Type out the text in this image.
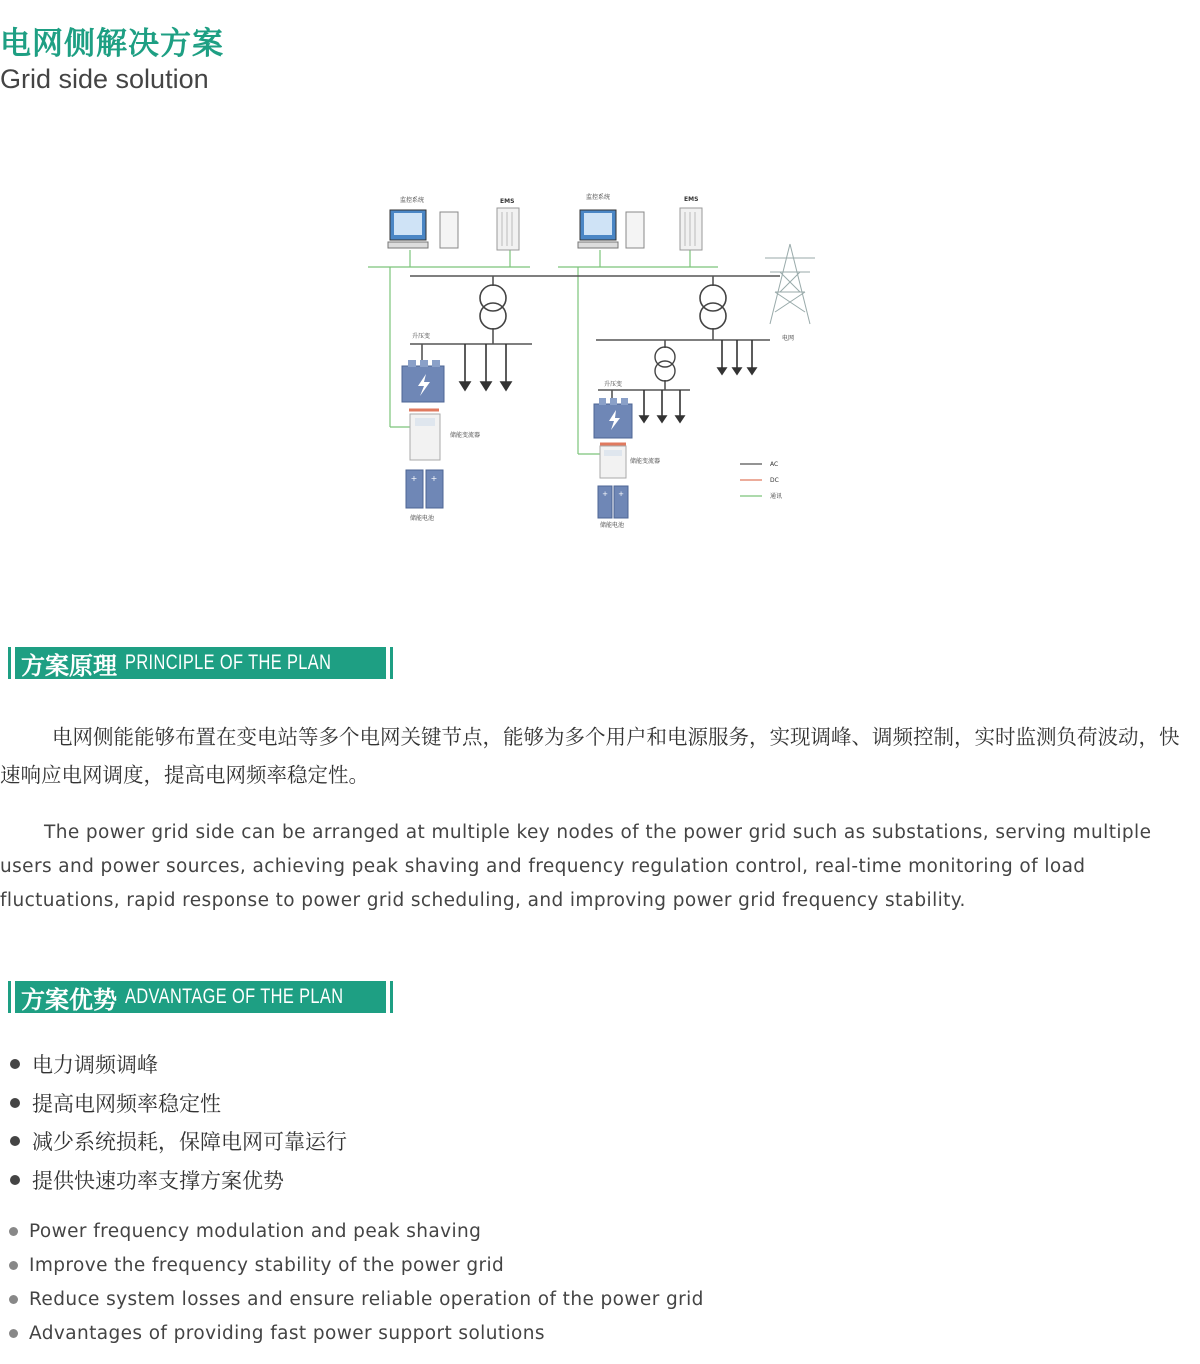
电网侧解决方案
Grid side solution
+ +
+ +
监控系统	EMS
监控系统	EMS
升压变
升压变
储能变流器
储能变流器
储能电池
储能电池
电网
AC
DC
通讯
方案原理 PRINCIPLE OF THE PLAN

电网侧能能够布置在变电站等多个电网关键节点，能够为多个用户和电源服务，实现调峰、调频控制，实时监测负荷波动，快速响应电网调度，提高电网频率稳定性。

The power grid side can be arranged at multiple key nodes of the power grid such as substations, serving multiple users and power sources, achieving peak shaving and frequency regulation control, real-time monitoring of load fluctuations, rapid response to power grid scheduling, and improving power grid frequency stability.

方案优势 ADVANTAGE OF THE PLAN
电力调频调峰
提高电网频率稳定性
减少系统损耗，保障电网可靠运行
提供快速功率支撑方案优势
Power frequency modulation and peak shaving
Improve the frequency stability of the power grid
Reduce system losses and ensure reliable operation of the power grid
Advantages of providing fast power support solutions
